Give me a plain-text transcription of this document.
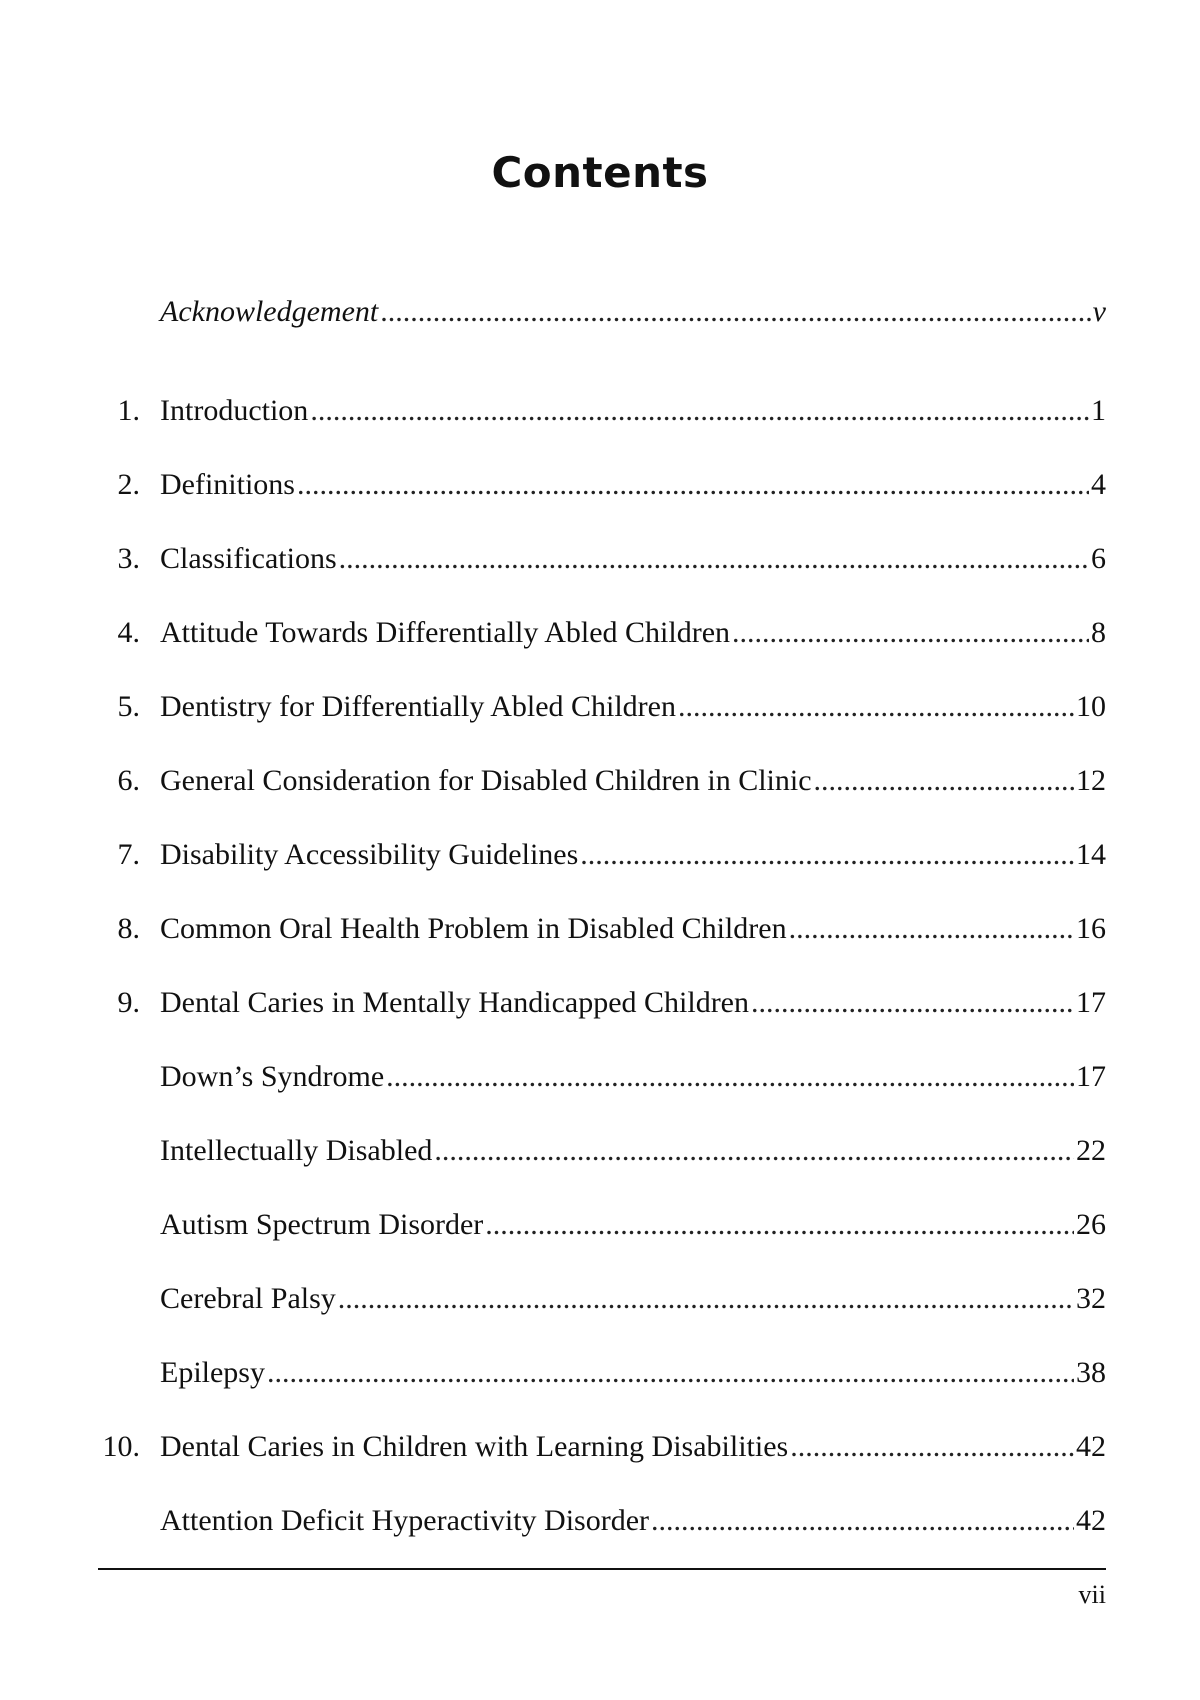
Contents
Acknowledgement .....	v
1. Introduction .....	1
2. Definitions .....	4
3. Classifications .....	6
4. Attitude Towards Differentially Abled Children .....	8
5. Dentistry for Differentially Abled Children .....	10
6. General Consideration for Disabled Children in Clinic .....	12
7. Disability Accessibility Guidelines .....	14
8. Common Oral Health Problem in Disabled Children .....	16
9. Dental Caries in Mentally Handicapped Children .....	17
Down’s Syndrome .....	17
Intellectually Disabled .....	22
Autism Spectrum Disorder .....	26
Cerebral Palsy .....	32
Epilepsy .....	38
10. Dental Caries in Children with Learning Disabilities .....	42
Attention Deficit Hyperactivity Disorder .....	42
vii
